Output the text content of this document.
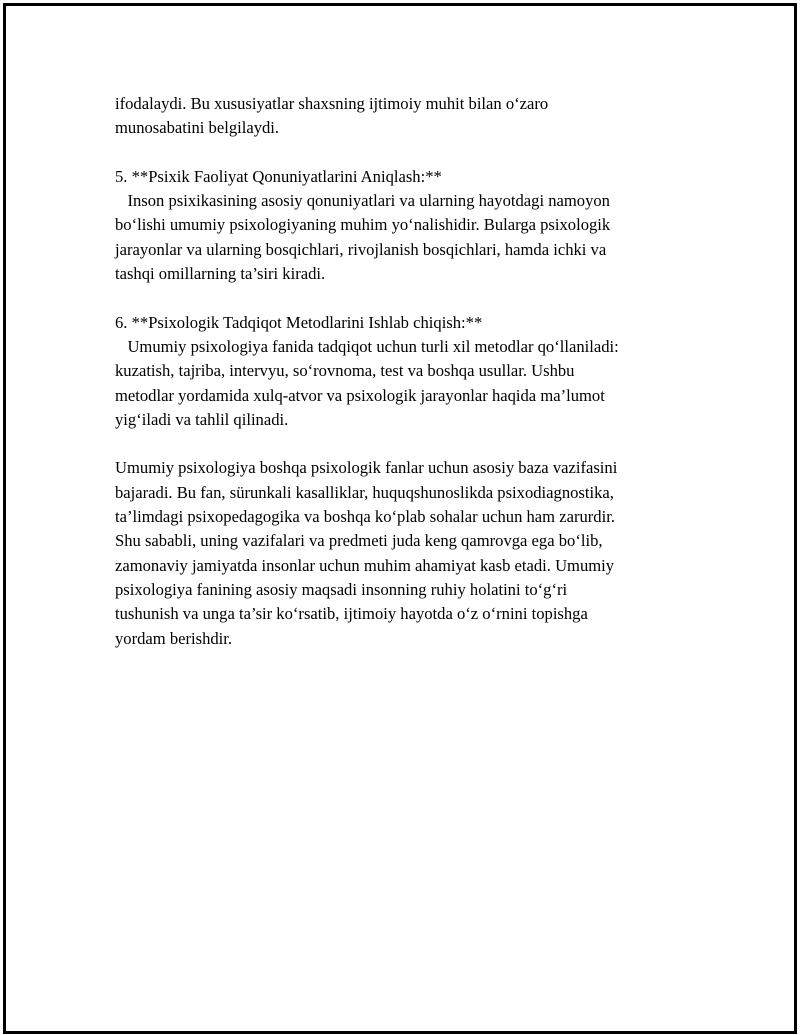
ifodalaydi. Bu xususiyatlar shaxsning ijtimoiy muhit bilan o‘zaro

munosabatini belgilaydi.

5. **Psixik Faoliyat Qonuniyatlarini Aniqlash:**

Inson psixikasining asosiy qonuniyatlari va ularning hayotdagi namoyon

bo‘lishi umumiy psixologiyaning muhim yo‘nalishidir. Bularga psixologik

jarayonlar va ularning bosqichlari, rivojlanish bosqichlari, hamda ichki va

tashqi omillarning ta’siri kiradi.

6. **Psixologik Tadqiqot Metodlarini Ishlab chiqish:**

Umumiy psixologiya fanida tadqiqot uchun turli xil metodlar qo‘llaniladi:

kuzatish, tajriba, intervyu, so‘rovnoma, test va boshqa usullar. Ushbu

metodlar yordamida xulq-atvor va psixologik jarayonlar haqida ma’lumot

yig‘iladi va tahlil qilinadi.

Umumiy psixologiya boshqa psixologik fanlar uchun asosiy baza vazifasini

bajaradi. Bu fan, sürunkali kasalliklar, huquqshunoslikda psixodiagnostika,

ta’limdagi psixopedagogika va boshqa ko‘plab sohalar uchun ham zarurdir.

Shu sababli, uning vazifalari va predmeti juda keng qamrovga ega bo‘lib,

zamonaviy jamiyatda insonlar uchun muhim ahamiyat kasb etadi. Umumiy

psixologiya fanining asosiy maqsadi insonning ruhiy holatini to‘g‘ri

tushunish va unga ta’sir ko‘rsatib, ijtimoiy hayotda o‘z o‘rnini topishga

yordam berishdir.
